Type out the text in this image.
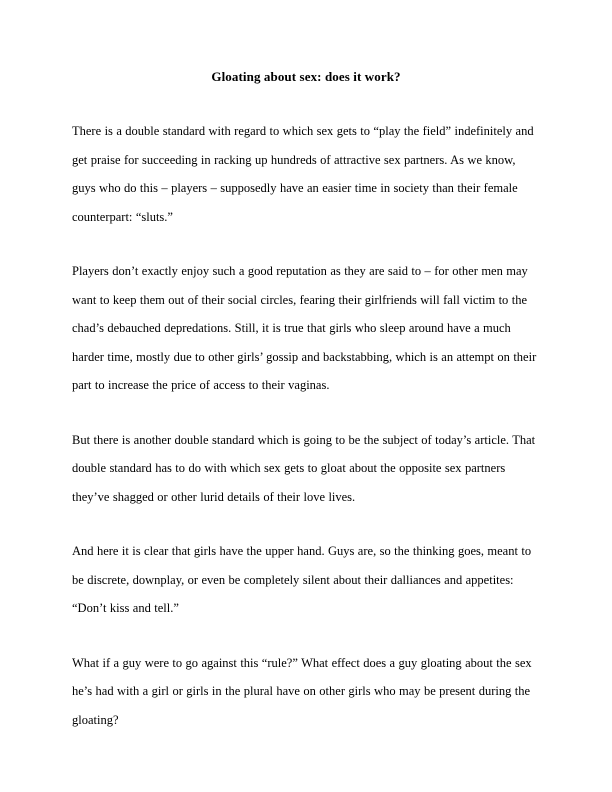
Gloating about sex: does it work?

There is a double standard with regard to which sex gets to “play the field” indefinitely and get praise for succeeding in racking up hundreds of attractive sex partners. As we know, guys who do this – players – supposedly have an easier time in society than their female counterpart: “sluts.”

Players don’t exactly enjoy such a good reputation as they are said to – for other men may want to keep them out of their social circles, fearing their girlfriends will fall victim to the chad’s debauched depredations. Still, it is true that girls who sleep around have a much harder time, mostly due to other girls’ gossip and backstabbing, which is an attempt on their part to increase the price of access to their vaginas.

But there is another double standard which is going to be the subject of today’s article. That double standard has to do with which sex gets to gloat about the opposite sex partners they’ve shagged or other lurid details of their love lives.

And here it is clear that girls have the upper hand. Guys are, so the thinking goes, meant to be discrete, downplay, or even be completely silent about their dalliances and appetites: “Don’t kiss and tell.”

What if a guy were to go against this “rule?” What effect does a guy gloating about the sex he’s had with a girl or girls in the plural have on other girls who may be present during the gloating?
